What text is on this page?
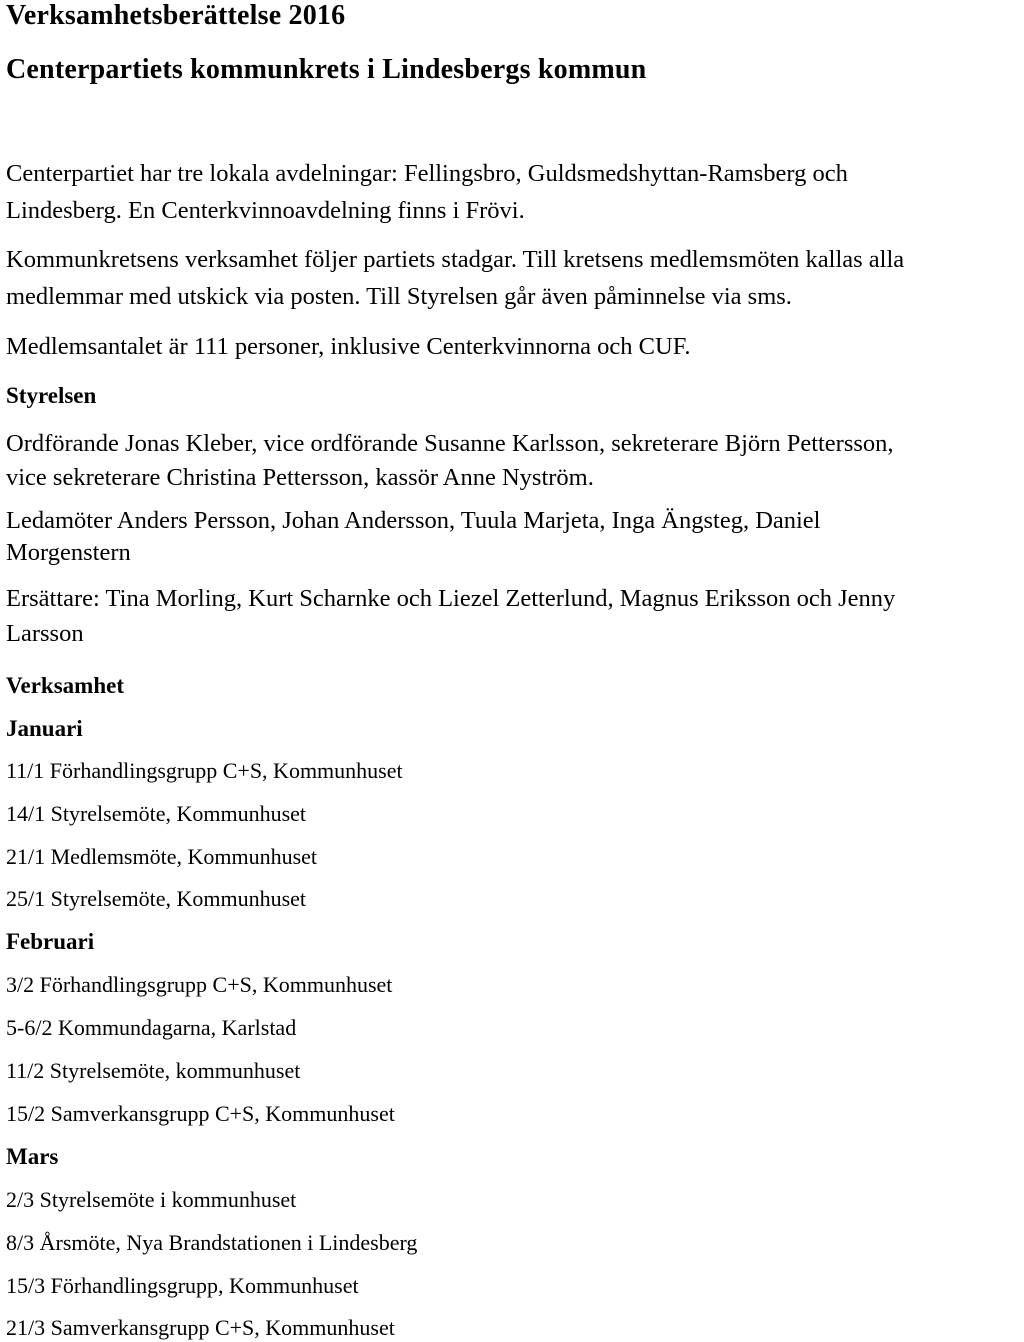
Verksamhetsberättelse 2016
Centerpartiets kommunkrets i Lindesbergs kommun
Centerpartiet har tre lokala avdelningar: Fellingsbro, Guldsmedshyttan-Ramsberg och
Lindesberg. En Centerkvinnoavdelning finns i Frövi.
Kommunkretsens verksamhet följer partiets stadgar. Till kretsens medlemsmöten kallas alla
medlemmar med utskick via posten. Till Styrelsen går även påminnelse via sms.
Medlemsantalet är 111 personer, inklusive Centerkvinnorna och CUF.
Styrelsen
Ordförande Jonas Kleber, vice ordförande Susanne Karlsson, sekreterare Björn Pettersson,
vice sekreterare Christina Pettersson, kassör Anne Nyström.
Ledamöter Anders Persson, Johan Andersson, Tuula Marjeta, Inga Ängsteg, Daniel
Morgenstern
Ersättare: Tina Morling, Kurt Scharnke och Liezel Zetterlund, Magnus Eriksson och Jenny
Larsson
Verksamhet
Januari
11/1 Förhandlingsgrupp C+S, Kommunhuset
14/1 Styrelsemöte, Kommunhuset
21/1 Medlemsmöte, Kommunhuset
25/1 Styrelsemöte, Kommunhuset
Februari
3/2 Förhandlingsgrupp C+S, Kommunhuset
5-6/2 Kommundagarna, Karlstad
11/2 Styrelsemöte, kommunhuset
15/2 Samverkansgrupp C+S, Kommunhuset
Mars
2/3 Styrelsemöte i kommunhuset
8/3 Årsmöte, Nya Brandstationen i Lindesberg
15/3 Förhandlingsgrupp, Kommunhuset
21/3 Samverkansgrupp C+S, Kommunhuset
